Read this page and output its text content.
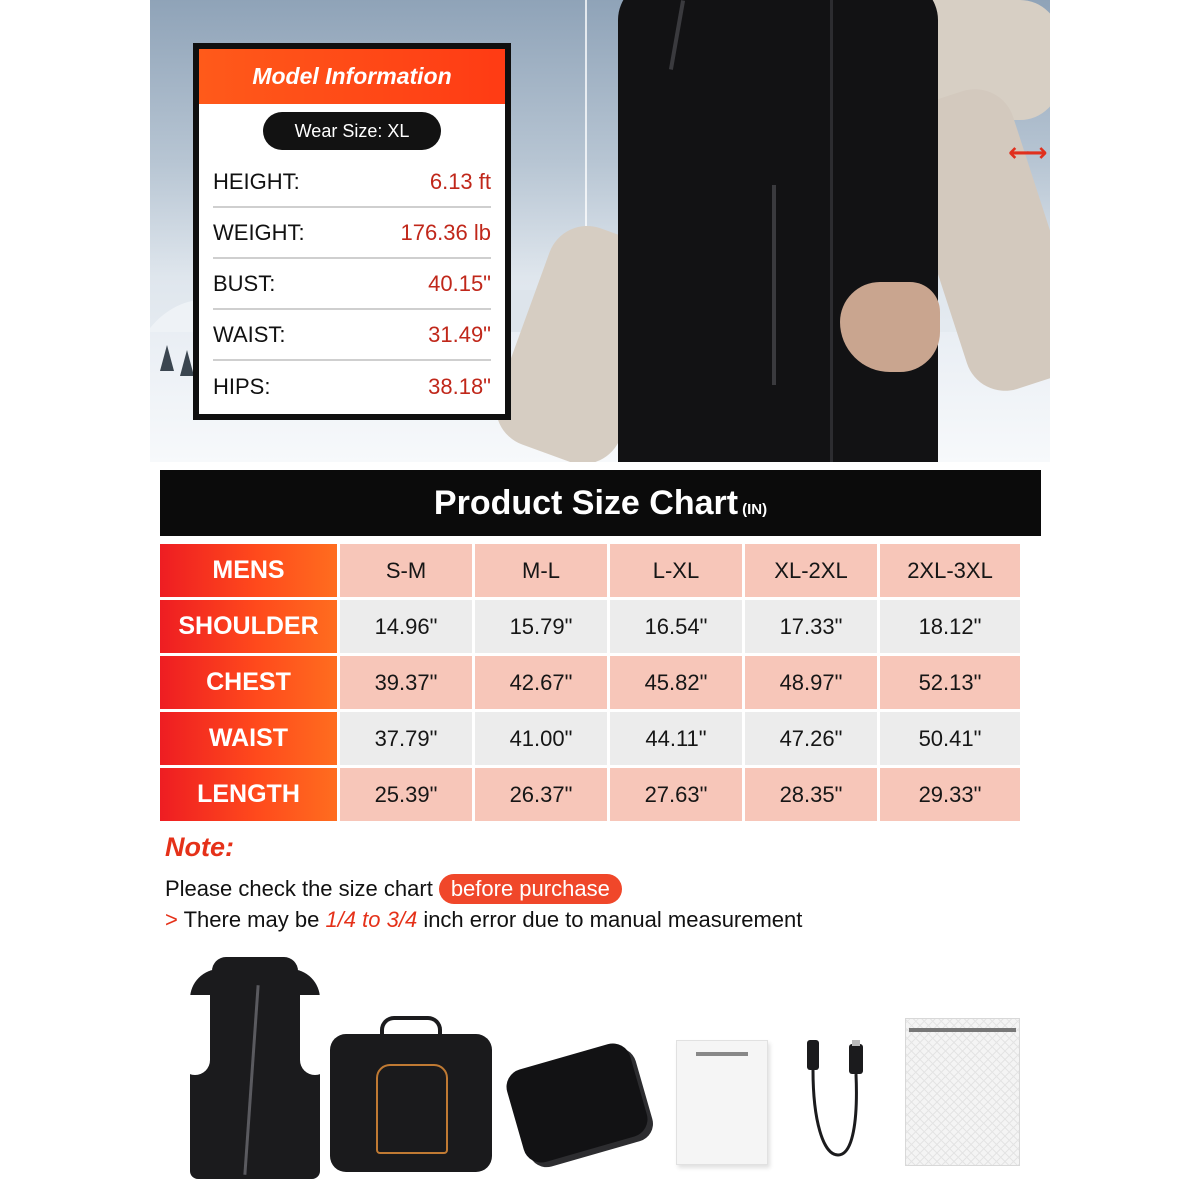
←→
Model Information
Wear Size: XL
HEIGHT:	6.13 ft
WEIGHT:	176.36 lb
BUST:	40.15"
WAIST:	31.49"
HIPS:	38.18"
Product Size Chart (IN)
MENS	S-M	M-L	L-XL	XL-2XL	2XL-3XL
SHOULDER	14.96"	15.79"	16.54"	17.33"	18.12"
CHEST	39.37"	42.67"	45.82"	48.97"	52.13"
WAIST	37.79"	41.00"	44.11"	47.26"	50.41"
LENGTH	25.39"	26.37"	27.63"	28.35"	29.33"
Note:
Please check the size chart before purchase
> There may be 1/4 to 3/4 inch error due to manual measurement
